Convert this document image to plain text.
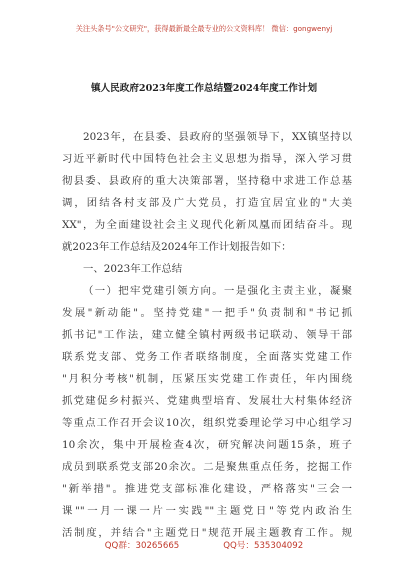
关注头条号"公文研究"，获得最新最全最专业的公文资料库！ 微信：gongwenyj
镇人民政府2023年度工作总结暨2024年度工作计划
2023年，在县委、县政府的坚强领导下，XX镇坚持以
习近平新时代中国特色社会主义思想为指导，深入学习贯
彻县委、县政府的重大决策部署，坚持稳中求进工作总基
调，团结各村支部及广大党员，打造宜居宜业的"大美
XX"，为全面建设社会主义现代化新凤凰而团结奋斗。现
就2023年工作总结及2024年工作计划报告如下：
一、2023年工作总结
（一）把牢党建引领方向。一是强化主责主业，凝聚
发展"新动能"。坚持党建"一把手"负责制和"书记抓
抓书记"工作法，建立健全镇村两级书记联动、领导干部
联系党支部、党务工作者联络制度，全面落实党建工作
"月积分考核"机制，压紧压实党建工作责任，年内围绕
抓党建促乡村振兴、党建典型培育、发展壮大村集体经济
等重点工作召开会议10次，组织党委理论学习中心组学习
10余次，集中开展检查4次，研究解决问题15条，班子
成员到联系党支部20余次。二是聚焦重点任务，挖掘工作
"新举措"。推进党支部标准化建设，严格落实"三会一
课""一月一课一片一实践""主题党日"等党内政治生
活制度，并结合"主题党日"规范开展主题教育工作。规
QQ群：30265665	QQ号：535304092
